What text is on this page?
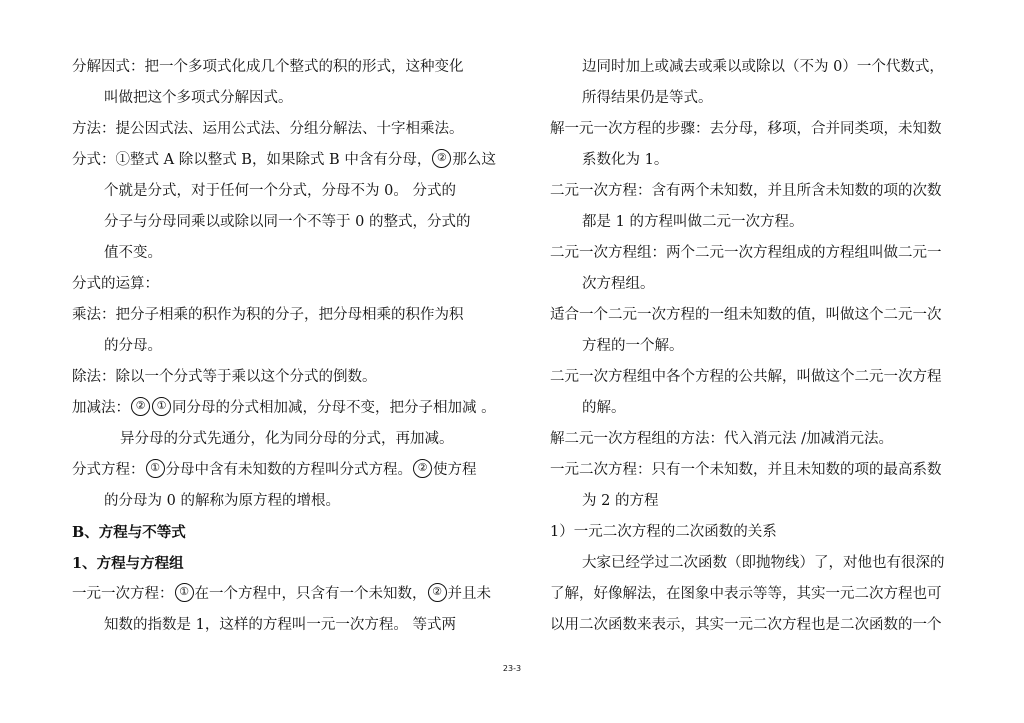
分解因式：把一个多项式化成几个整式的积的形式，这种变化
叫做把这个多项式分解因式。
方法：提公因式法、运用公式法、分组分解法、十字相乘法。
分式：①整式 A 除以整式 B，如果除式 B 中含有分母， ② 那么这
个就是分式，对于任何一个分式，分母不为 0。 分式的
分子与分母同乘以或除以同一个不等于 0 的整式，分式的
值不变。
分式的运算：
乘法：把分子相乘的积作为积的分子，把分母相乘的积作为积
的分母。
除法：除以一个分式等于乘以这个分式的倒数。
加减法： ② ① 同分母的分式相加减，分母不变，把分子相加减 。
异分母的分式先通分，化为同分母的分式，再加减。
分式方程： ① 分母中含有未知数的方程叫分式方程。 ② 使方程
的分母为 0 的解称为原方程的增根。
B、方程与不等式
1、方程与方程组
一元一次方程： ① 在一个方程中，只含有一个未知数， ② 并且未
知数的指数是 1，这样的方程叫一元一次方程。 等式两
边同时加上或减去或乘以或除以（不为 0）一个代数式，
所得结果仍是等式。
解一元一次方程的步骤：去分母，移项，合并同类项，未知数
系数化为 1。
二元一次方程：含有两个未知数，并且所含未知数的项的次数
都是 1 的方程叫做二元一次方程。
二元一次方程组：两个二元一次方程组成的方程组叫做二元一
次方程组。
适合一个二元一次方程的一组未知数的值，叫做这个二元一次
方程的一个解。
二元一次方程组中各个方程的公共解，叫做这个二元一次方程
的解。
解二元一次方程组的方法：代入消元法 /加减消元法。
一元二次方程：只有一个未知数，并且未知数的项的最高系数
为 2 的方程
1）一元二次方程的二次函数的关系
大家已经学过二次函数（即抛物线）了，对他也有很深的
了解，好像解法，在图象中表示等等，其实一元二次方程也可
以用二次函数来表示，其实一元二次方程也是二次函数的一个
23-3
